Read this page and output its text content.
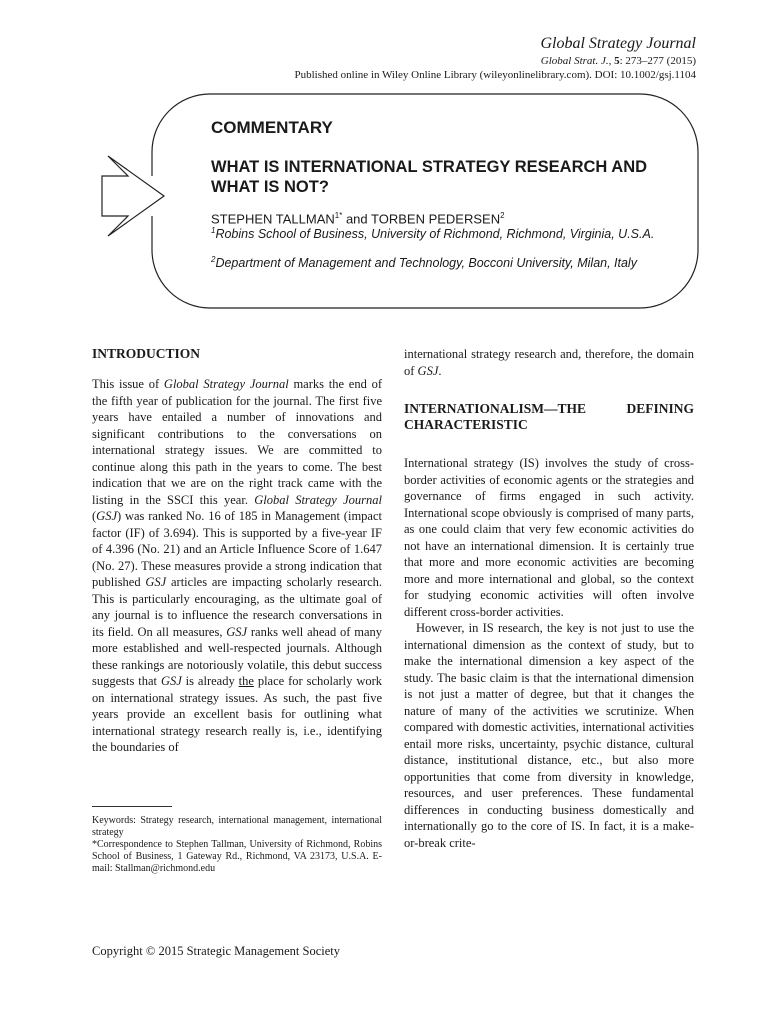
Global Strategy Journal
Global Strat. J., 5: 273–277 (2015)
Published online in Wiley Online Library (wileyonlinelibrary.com). DOI: 10.1002/gsj.1104
COMMENTARY
WHAT IS INTERNATIONAL STRATEGY RESEARCH AND WHAT IS NOT?
STEPHEN $TALLMAN^{1*}$ and TORBEN PEDERSEN$^2$
$^1$Robins School of Business, University of Richmond, Richmond, Virginia, U.S.A.
$^2$Department of Management and Technology, Bocconi University, Milan, Italy
INTRODUCTION

This issue of Global Strategy Journal marks the end of the fifth year of publication for the journal. The first five years have entailed a number of innovations and significant contributions to the conversations on international strategy issues. We are committed to continue along this path in the years to come. The best indication that we are on the right track came with the listing in the SSCI this year. Global Strategy Journal (GSJ) was ranked No. 16 of 185 in Management (impact factor (IF) of 3.694). This is supported by a five-year IF of 4.396 (No. 21) and an Article Influence Score of 1.647 (No. 27). These measures provide a strong indication that published GSJ articles are impacting scholarly research. This is particularly encouraging, as the ultimate goal of any journal is to influence the research conversations in its field. On all measures, GSJ ranks well ahead of many more established and well-respected journals. Although these rankings are notoriously volatile, this debut success suggests that GSJ is already the place for scholarly work on international strategy issues. As such, the past five years provide an excellent basis for outlining what international strategy research really is, i.e., identifying the boundaries of

international strategy research and, therefore, the domain of GSJ.

INTERNATIONALISM—THE DEFINING CHARACTERISTIC

International strategy (IS) involves the study of cross-border activities of economic agents or the strategies and governance of firms engaged in such activity. International scope obviously is comprised of many parts, as one could claim that very few economic activities do not have an international dimension. It is certainly true that more and more economic activities are becoming more and more international and global, so the context for studying economic activities will often involve different cross-border activities.

However, in IS research, the key is not just to use the international dimension as the context of study, but to make the international dimension a key aspect of the study. The basic claim is that the international dimension is not just a matter of degree, but that it changes the nature of many of the activities we scrutinize. When compared with domestic activities, international activities entail more risks, uncertainty, psychic distance, cultural distance, institutional distance, etc., but also more opportunities that come from diversity in knowledge, resources, and user preferences. These fundamental differences in conducting business domestically and internationally go to the core of IS. In fact, it is a make-or-break crite-

Keywords: Strategy research, international management, international strategy

*Correspondence to Stephen Tallman, University of Richmond, Robins School of Business, 1 Gateway Rd., Richmond, VA 23173, U.S.A. E-mail: Stallman@richmond.edu

Copyright © 2015 Strategic Management Society
